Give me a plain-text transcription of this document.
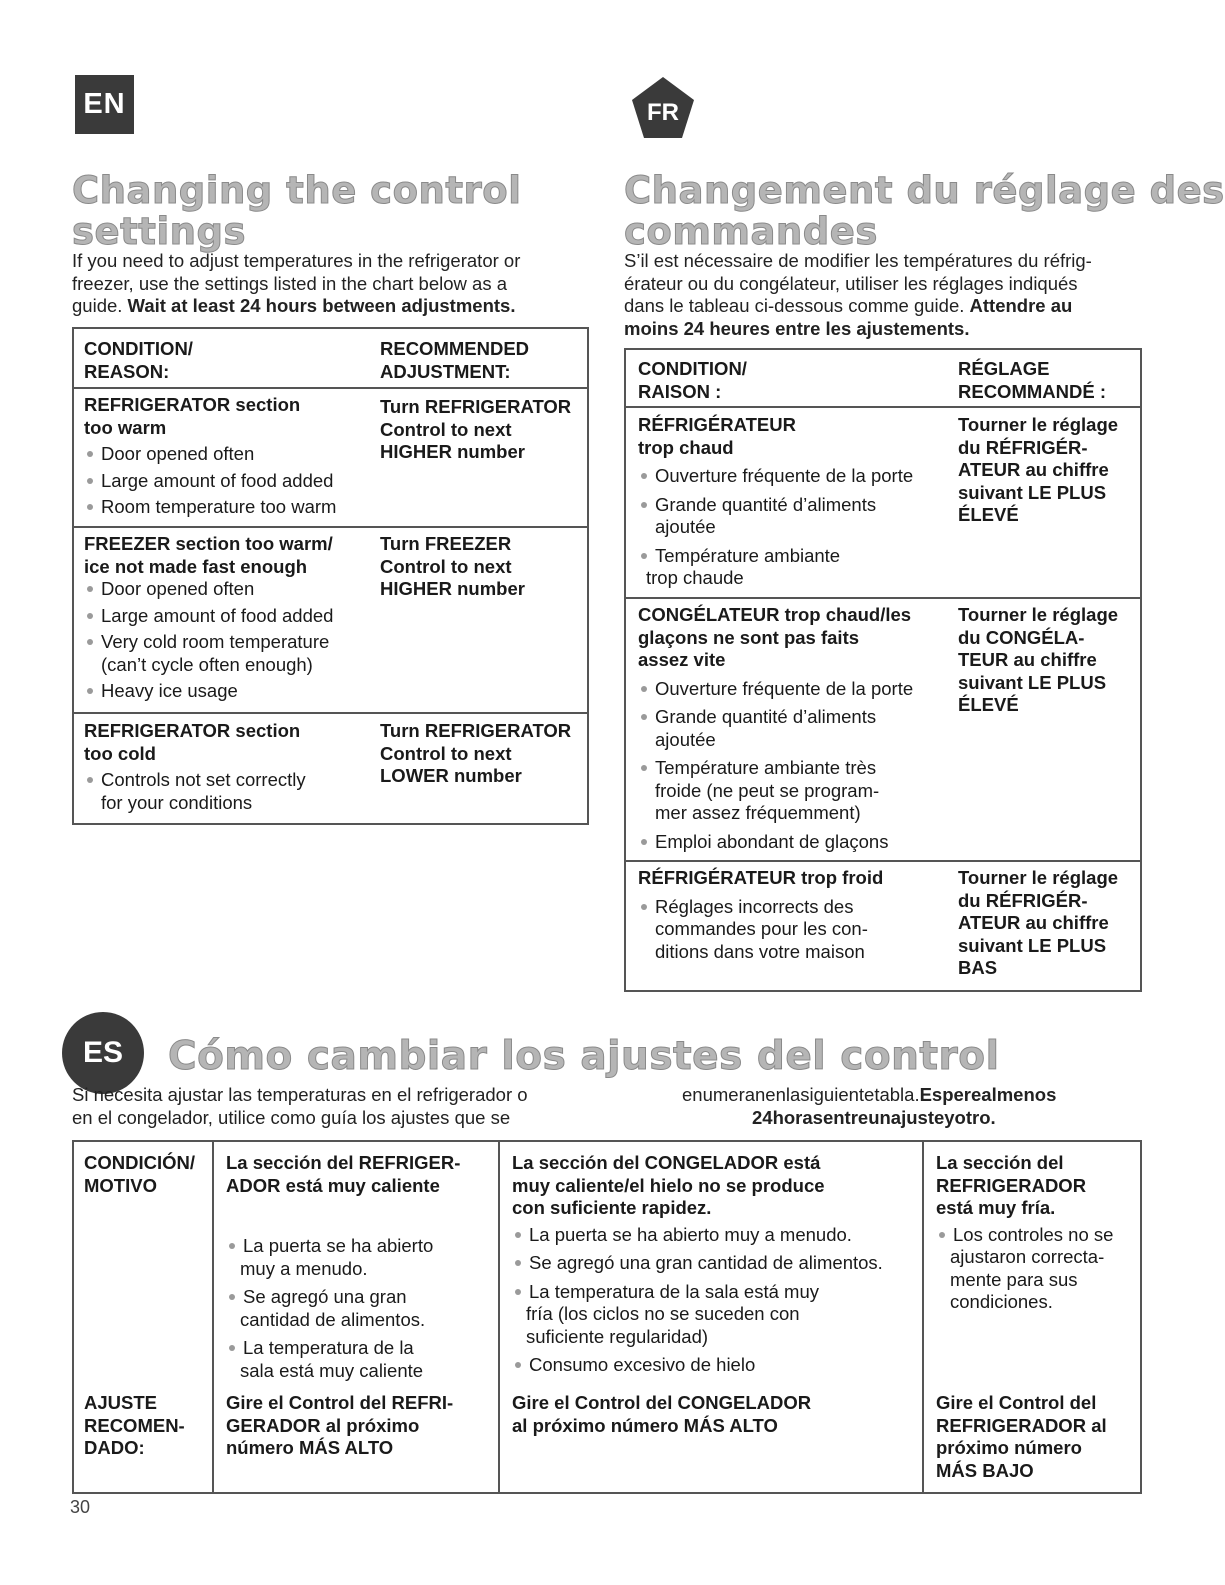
EN
Changing the control
settings
If you need to adjust temperatures in the refrigerator or
freezer, use the settings listed in the chart below as a
guide. Wait at least 24 hours between adjustments.
CONDITION/
REASON:
RECOMMENDED
ADJUSTMENT:
REFRIGERATOR section
too warm
Door opened often
Large amount of food added
Room temperature too warm
Turn REFRIGERATOR
Control to next
HIGHER number
FREEZER section too warm/
ice not made fast enough
Door opened often
Large amount of food added
Very cold room temperature
(can’t cycle often enough)
Heavy ice usage
Turn FREEZER
Control to next
HIGHER number
REFRIGERATOR section
too cold
Controls not set correctly
for your conditions
Turn REFRIGERATOR
Control to next
LOWER number
FR
Changement du réglage des
commandes
S’il est nécessaire de modifier les températures du réfrig-
érateur ou du congélateur, utiliser les réglages indiqués
dans le tableau ci-dessous comme guide. Attendre au
moins 24 heures entre les ajustements.
CONDITION/
RAISON :
RÉGLAGE
RECOMMANDÉ :
RÉFRIGÉRATEUR
trop chaud
Ouverture fréquente de la porte
Grande quantité d’aliments
ajoutée
Température ambiante
trop chaude
Tourner le réglage
du RÉFRIGÉR-
ATEUR au chiffre
suivant LE PLUS
ÉLEVÉ
CONGÉLATEUR trop chaud/les
glaçons ne sont pas faits
assez vite
Ouverture fréquente de la porte
Grande quantité d’aliments
ajoutée
Température ambiante très
froide (ne peut se program-
mer assez fréquemment)
Emploi abondant de glaçons
Tourner le réglage
du CONGÉLA-
TEUR au chiffre
suivant LE PLUS
ÉLEVÉ
RÉFRIGÉRATEUR trop froid
Réglages incorrects des
commandes pour les con-
ditions dans votre maison
Tourner le réglage
du RÉFRIGÉR-
ATEUR au chiffre
suivant LE PLUS
BAS
ES	Cómo cambiar los ajustes del control
Si necesita ajustar las temperaturas en el refrigerador o
en el congelador, utilice como guía los ajustes que se
enumeranenlasiguientetabla.Esperealmenos
24horasentreunajusteyotro.
CONDICIÓN/
MOTIVO
AJUSTE
RECOMEN-
DADO:
La sección del REFRIGER-
ADOR está muy caliente
La puerta se ha abierto
muy a menudo.
Se agregó una gran
cantidad de alimentos.
La temperatura de la
sala está muy caliente
Gire el Control del REFRI-
GERADOR al próximo
número MÁS ALTO
La sección del CONGELADOR está
muy caliente/el hielo no se produce
con suficiente rapidez.
La puerta se ha abierto muy a menudo.
Se agregó una gran cantidad de alimentos.
La temperatura de la sala está muy
fría (los ciclos no se suceden con
suficiente regularidad)
Consumo excesivo de hielo
Gire el Control del CONGELADOR
al próximo número MÁS ALTO
La sección del
REFRIGERADOR
está muy fría.
Los controles no se
ajustaron correcta-
mente para sus
condiciones.
Gire el Control del
REFRIGERADOR al
próximo número
MÁS BAJO
30
